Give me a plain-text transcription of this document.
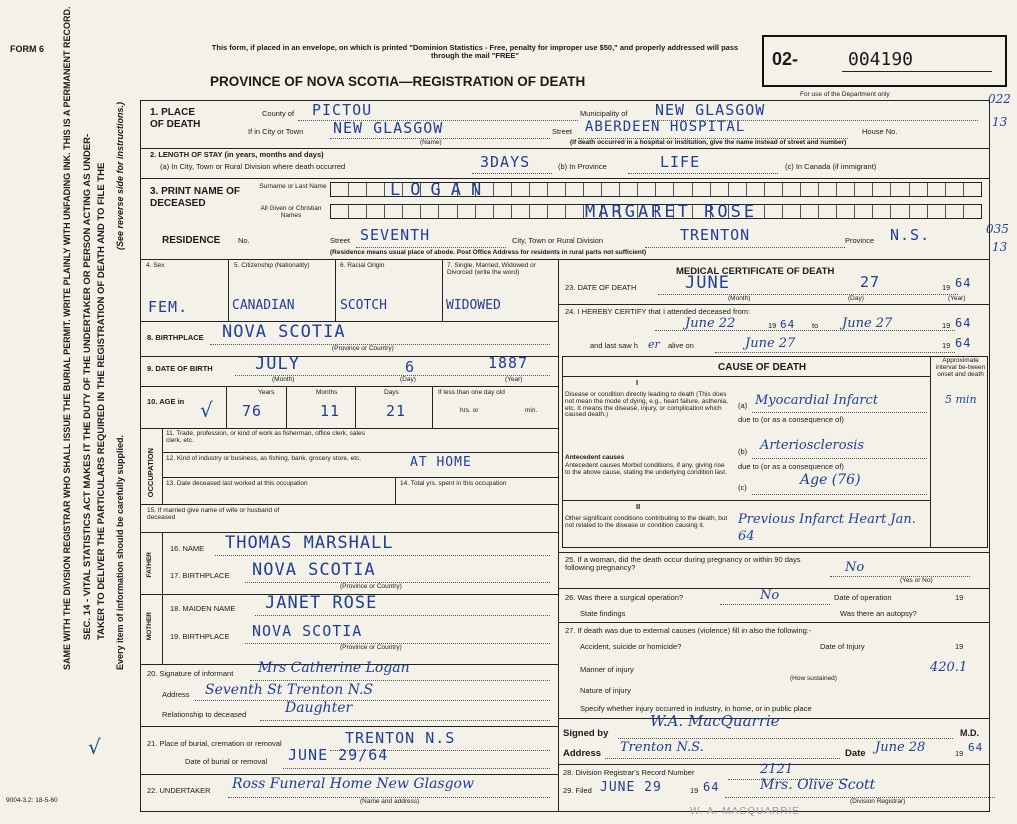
FORM 6
SEC. 14 - VITAL STATISTICS ACT MAKES IT THE DUTY OF THE UNDERTAKER OR PERSON ACTING AS UNDER- TAKER TO DELIVER THE PARTICULARS REQUIRED IN THE REGISTRATION OF DEATH AND TO FILE THE
SAME WITH THE DIVISION REGISTRAR WHO SHALL ISSUE THE BURIAL PERMIT. WRITE PLAINLY WITH UNFADING INK. THIS IS A PERMANENT RECORD.	Every item of information should be carefully supplied.
(See reverse side for instructions.)
9004-3.2: 18-5-60
√
This form, if placed in an envelope, on which is printed "Dominion Statistics - Free, penalty for improper use $50," and properly addressed will pass through the mail "FREE"
PROVINCE OF NOVA SCOTIA—REGISTRATION OF DEATH
02-	004190
For use of the Department only	022
13
035
13
1. PLACE OF DEATH
County of PICTOU	Municipality of NEW GLASGOW
If in City or Town NEW GLASGOW
(Name)
Street ABERDEEN HOSPITAL	House No.
(If death occurred in a hospital or institution, give the name instead of street and number)
2. LENGTH OF STAY (in years, months and days)
(a) In City, Town or Rural Division where death occurred	3DAYS	(b) In Province	LIFE	(c) In Canada (if immigrant)
3. PRINT NAME OF DECEASED
Surname or Last Name	LOGAN
All Given or Christian Names	MARGARET ROSE
RESIDENCE No.	Street SEVENTH	City, Town or Rural Division	TRENTON	Province N.S.
(Residence means usual place of abode. Post Office Address for residents in rural parts not sufficient)
4. Sex	5. Citizenship (Nationality)	6. Racial Origin	7. Single, Married, Widowed or Divorced (write the word)
FEM.	CANADIAN	SCOTCH	WIDOWED
8. BIRTHPLACE NOVA SCOTIA
(Province or Country)
9. DATE OF BIRTH JULY	6	1887
(Month)	(Day)	(Year)
10. AGE in
Years	Months	Days	If less than one day old
hrs. or	min.
√ 76	11	21
OCCUPATION
11. Trade, profession, or kind of work as fisherman, office clerk, sales clerk, etc.
12. Kind of industry or business, as fishing, bank, grocery store, etc.	AT HOME
13. Date deceased last worked at this occupation	14. Total yrs. spent in this occupation
15. If married give name of wife or husband of deceased
FATHER
16. NAME THOMAS MARSHALL
17. BIRTHPLACE NOVA SCOTIA
(Province or Country)
MOTHER
18. MAIDEN NAME JANET ROSE
19. BIRTHPLACE NOVA SCOTIA
(Province or Country)
20. Signature of informant Mrs Catherine Logan
Address Seventh St Trenton N.S
Relationship to deceased	Daughter
21. Place of burial, cremation or removal	TRENTON N.S
Date of burial or removal JUNE 29/64
22. UNDERTAKER Ross Funeral Home New Glasgow
(Name and address)
MEDICAL CERTIFICATE OF DEATH
23. DATE OF DEATH	JUNE	27	19 64
(Month)	(Day)	(Year)
24. I HEREBY CERTIFY that I attended deceased from:
June 22	19 64 to June 27	19 64
and last saw h er alive on	June 27	19 64
CAUSE OF DEATH
Approximate interval be-tween onset and death
I
Disease or condition directly leading to death (This does not mean the mode of dying, e.g., heart failure, asthenia, etc. It means the disease, injury, or complication which caused death.)
(a) Myocardial Infarct	5 min
due to (or as a consequence of)
Antecedent causes
Antecedent causes Morbid conditions, if any, giving rise to the above cause, stating the underlying condition last.
(b) Arteriosclerosis
due to (or as a consequence of)
(c)	Age (76)
II
Other significant conditions contributing to the death, but not related to the disease or condition causing it.	Previous Infarct Heart Jan. 64
25. If a woman, did the death occur during pregnancy or within 90 days following pregnancy?	No
(Yes or No)
26. Was there a surgical operation?	No	Date of operation	19
State findings	Was there an autopsy?
27. If death was due to external causes (violence) fill in also the following:-
Accident, suicide or homicide?	Date of Injury	19
Manner of injury
(How sustained)
420.1
Nature of injury
Specify whether injury occurred in industry, in home, or in public place
Signed by
W.A. MacQuarrie
M.D.
Address Trenton N.S.	Date June 28	19 64
28. Division Registrar's Record Number	2121
29. Filed JUNE 29	19 64	Mrs. Olive Scott
(Division Registrar)
W. A. MACQUARRIE
